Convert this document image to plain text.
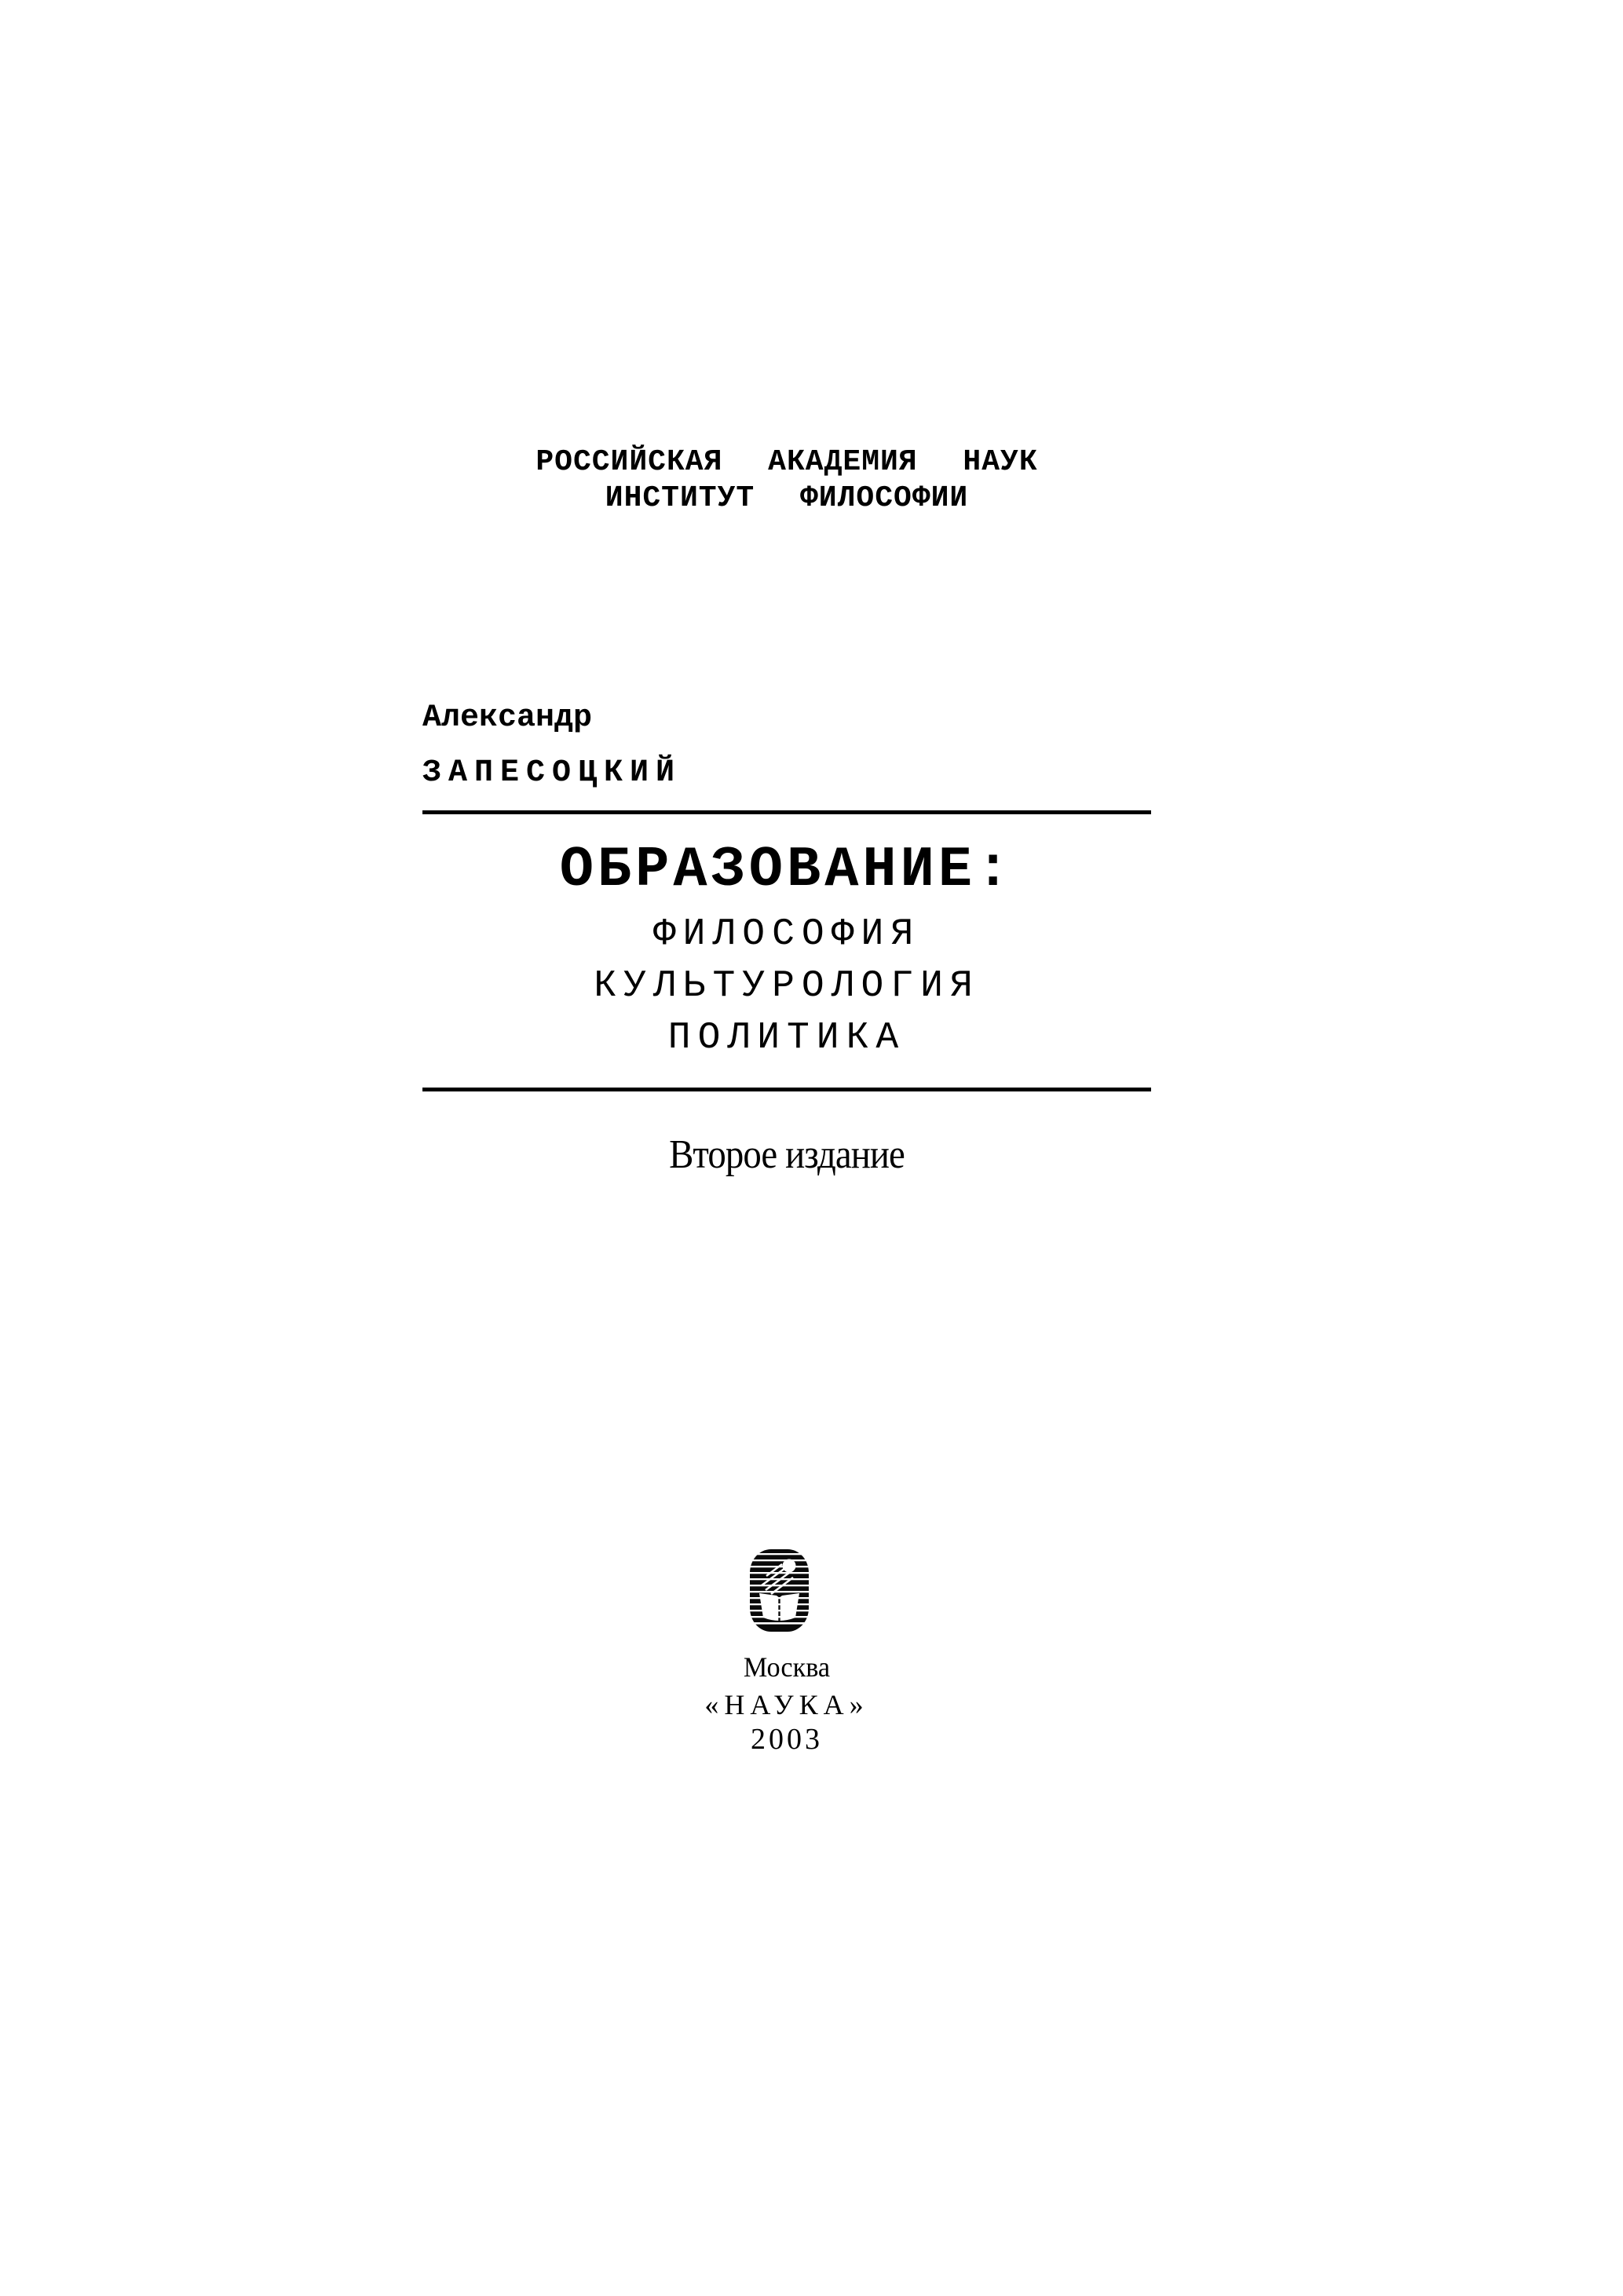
РОССИЙСКАЯ АКАДЕМИЯ НАУК
ИНСТИТУТ ФИЛОСОФИИ
Александр
ЗАПЕСОЦКИЙ
ОБРАЗОВАНИЕ:
ФИЛОСОФИЯ
КУЛЬТУРОЛОГИЯ
ПОЛИТИКА
Второе издание
Москва
«НАУКА»
2003
